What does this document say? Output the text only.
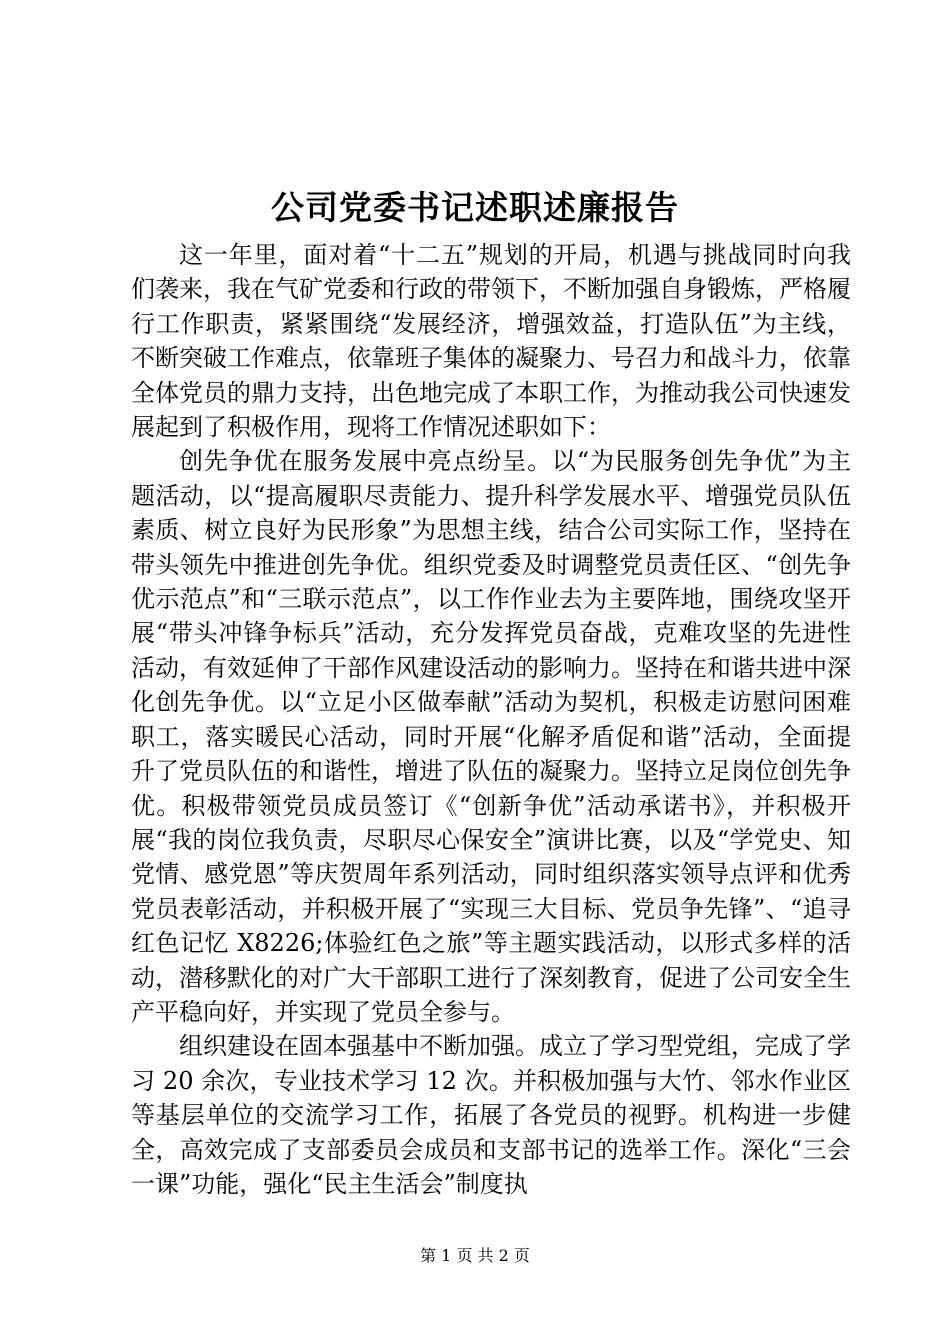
公司党委书记述职述廉报告

这一年里，面对着“十二五”规划的开局，机遇与挑战同时向我们袭来，我在气矿党委和行政的带领下，不断加强自身锻炼，严格履行工作职责，紧紧围绕“发展经济，增强效益，打造队伍”为主线，不断突破工作难点，依靠班子集体的凝聚力、号召力和战斗力，依靠全体党员的鼎力支持，出色地完成了本职工作，为推动我公司快速发展起到了积极作用，现将工作情况述职如下：

创先争优在服务发展中亮点纷呈。以“为民服务创先争优”为主题活动，以“提高履职尽责能力、提升科学发展水平、增强党员队伍素质、树立良好为民形象”为思想主线，结合公司实际工作，坚持在带头领先中推进创先争优。组织党委及时调整党员责任区、“创先争优示范点”和“三联示范点”，以工作作业去为主要阵地，围绕攻坚开展“带头冲锋争标兵”活动，充分发挥党员奋战，克难攻坚的先进性活动，有效延伸了干部作风建设活动的影响力。坚持在和谐共进中深化创先争优。以“立足小区做奉献”活动为契机，积极走访慰问困难职工，落实暖民心活动，同时开展“化解矛盾促和谐”活动，全面提升了党员队伍的和谐性，增进了队伍的凝聚力。坚持立足岗位创先争优。积极带领党员成员签订《“创新争优”活动承诺书》，并积极开展“我的岗位我负责，尽职尽心保安全”演讲比赛，以及“学党史、知党情、感党恩”等庆贺周年系列活动，同时组织落实领导点评和优秀党员表彰活动，并积极开展了“实现三大目标、党员争先锋”、“追寻红色记忆 X8226;体验红色之旅”等主题实践活动，以形式多样的活动，潜移默化的对广大干部职工进行了深刻教育，促进了公司安全生产平稳向好，并实现了党员全参与。

组织建设在固本强基中不断加强。成立了学习型党组，完成了学习 20 余次，专业技术学习 12 次。并积极加强与大竹、邻水作业区等基层单位的交流学习工作，拓展了各党员的视野。机构进一步健全，高效完成了支部委员会成员和支部书记的选举工作。深化“三会一课”功能，强化“民主生活会”制度执

第 1 页 共 2 页
